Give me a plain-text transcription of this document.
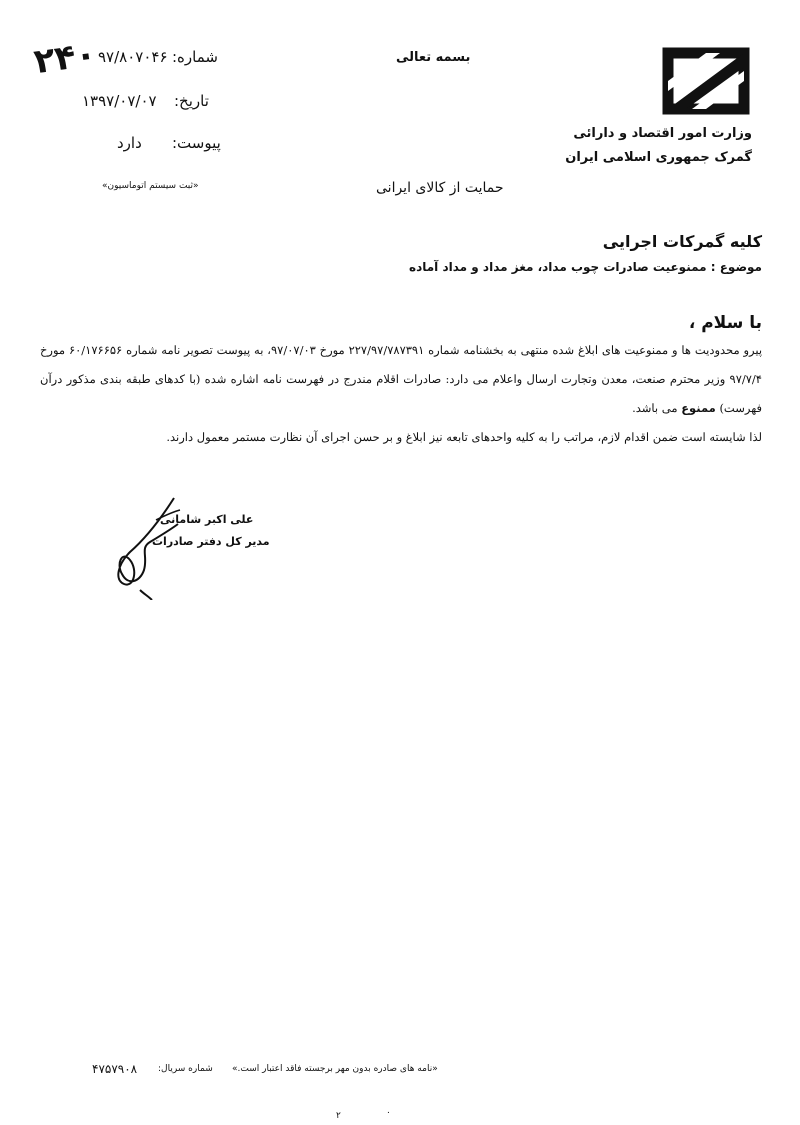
وزارت امور اقتصاد و دارائی
گمرک جمهوری اسلامی ایران
بسمه تعالی
۲۴۰ ۹۷/۸۰۷۰۴۶ شماره:
۱۳۹۷/۰۷/۰۷ تاریخ:
پیوست:
دارد
«ثبت سیستم اتوماسیون»	حمایت از کالای ایرانی
کلیه گمرکات اجرایی
موضوع : ممنوعیت صادرات چوب مداد، مغز مداد و مداد آماده
با سلام ،

پیرو محدودیت ها و ممنوعیت های ابلاغ شده منتهی به بخشنامه شماره ۲۲۷/۹۷/۷۸۷۳۹۱ مورخ ۹۷/۰۷/۰۳، به پیوست تصویر نامه شماره ۶۰/۱۷۶۶۵۶ مورخ ۹۷/۷/۴ وزیر محترم صنعت، معدن وتجارت ارسال واعلام می دارد: صادرات اقلام مندرج در فهرست نامه اشاره شده (با کدهای طبقه بندی مذکور درآن فهرست) ممنوع می باشد.

لذا شایسته است ضمن اقدام لازم، مراتب را به کلیه واحدهای تابعه نیز ابلاغ و بر حسن اجرای آن نظارت مستمر معمول دارند.

علی اکبر شامانی
مدیر کل دفتر صادرات
«نامه های صادره بدون مهر برجسته فاقد اعتبار است.»
شماره سریال:
۴۷۵۷۹۰۸
۲	٠
